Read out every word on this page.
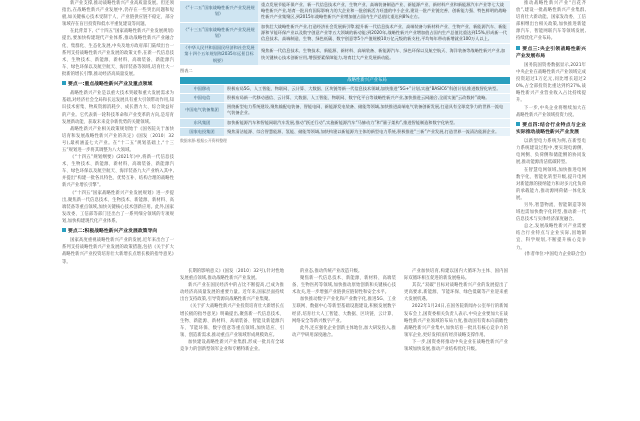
新产业支撑,推动战略性新兴产业高质量发展。但还须指出,在战略性新兴产业发展中,仍存在一些突出问题和短板,如关键核心技术受制于人、产业链供应链不稳定、部分领域存在盲目投资和低水平重复建设等问题。

在此背景下,《“十四五”国家战略性新兴产业发展规划》提出,要加快构建现代产业体系,推动战略性新兴产业融合化、集群化、生态化发展,中央及地方政府部门陆续出台一系列支持战略性新兴产业发展的政策文件,在新一代信息技术、生物技术、新能源、新材料、高端装备、新能源汽车、绿色环保以及航空航天、海洋装备等领域,培育壮大一批新的增长引擎,推动经济高质量发展。

要点一:重点战略性新兴产业及重点领域

战略性新兴产业是以重大技术突破和重大发展需求为基础,对经济社会全局和长远发展具有重大引领带动作用,知识技术密集、物质资源消耗少、成长潜力大、综合效益好的产业。它代表新一轮科技革命和产业变革的方向,是培育发展新动能、获取未来竞争新优势的关键领域。

战略性新兴产业相关政策规划始于《国务院关于加快培育和发展战略性新兴产业的决定》(国发〔2010〕32号),最初涵盖七大产业。在“十二五”规划基础上,“十三五”规划进一步将其调整为八大领域。

《“十四五”规划纲要》(2021年)中,将新一代信息技术、生物技术、新能源、新材料、高端装备、新能源汽车、绿色环保以及航空航天、海洋装备九大产业纳入其中,并提出“构建一批各具特色、优势互补、结构合理的战略性新兴产业增长引擎”。

《“十四五”国家战略性新兴产业发展规划》进一步提出,聚焦新一代信息技术、生物技术、新能源、新材料、高端装备等重点领域,加快关键核心技术创新应用。此外,国家发改委、工信部等部门还出台了一系列细分领域的专项规划,加快构建现代化产业体系。

要点二:积极战略性新兴产业发展政策导向

国家高度重视战略性新兴产业的发展,近年来出台了一系列支持战略性新兴产业发展的政策措施,包括《关于扩大战略性新兴产业投资培育壮大新增长点增长极的指导意见》等。

《“十二五”国家战略性新兴产业发展规划》	重点发展节能环保产业、新一代信息技术产业、生物产业、高端装备制造产业、新能源产业、新材料产业和新能源汽车产业等七大战略性新兴产业,培育一批具有国际影响力的大企业和一批创新活力旺盛的中小企业,建设一批产业链完善、创新能力强、特色鲜明的战略性新兴产业集聚区,到2015年战略性新兴产业增加值占国内生产总值比重达到8%左右。
《“十三五”国家战略性新兴产业发展规划》	加快壮大战略性新兴产业,打造经济社会发展新引擎;提升新一代信息技术产业、高端装备与新材料产业、生物产业、新能源汽车、新能源和节能环保产业以及数字创意产业等五大领域的新动能;到2020年,战略性新兴产业增加值占国内生产总值比重达到15%,形成新一代信息技术、高端制造、生物、绿色低碳、数字创意等5个产值规模10万亿元级的新支柱,平均每年带动新增就业100万人以上。
《中华人民共和国国民经济和社会发展第十四个五年规划和2035年远景目标纲要》	聚焦新一代信息技术、生物技术、新能源、新材料、高端装备、新能源汽车、绿色环保以及航空航天、海洋装备等战略性新兴产业,加快关键核心技术创新应用,增强要素保障能力,培育壮大产业发展新动能。
图表二
	战略性新兴产业布局
中国移动	积极布局5G、人工智能、物联网、云计算、大数据、区块链等新一代信息技术领域,加快推进“5G+”计划,实施“BASIC6”科创计划,推进数智化转型。
中国电信	积极布局新一代移动通信、云计算、大数据、人工智能、物联网、数字化平台等战略性新兴产业,加快推进云网融合,全面实施“云改数转”战略。
中国电气装备集团	围绕新型电力系统建设,聚焦输配电装备、智能电网、新能源发电装备、储能等领域,加快推进高端电气装备创新发展,打造具有全球竞争力的世界一流电气装备企业。
东风集团	加快新能源汽车和智能网联汽车发展,推动“跃迁行动”,实施新能源汽车“马赫动力”和“量子架构”,推进智能制造和数字化转型。
国家电投集团	聚焦清洁能源、综合智慧能源、氢能、储能等领域,加快构建以新能源为主体的新型电力系统,积极推进“三新”产业发展,打造世界一流清洁能源企业。
数据来源:根据公开资料整理

长期的影响意义》(国发〔2010〕32号),针对性地发展重点领域,推动战略性新兴产业发展。

新兴产业在国民经济中的占比不断提高,已成为推动经济高质量发展的重要力量。近年来,国家层面持续出台支持政策,引导资源向战略性新兴产业集聚。

《关于扩大战略性新兴产业投资培育壮大新增长点增长极的指导意见》明确提出,聚焦新一代信息技术、生物、新能源、新材料、高端装备、智能及新能源汽车、节能环保、数字创意等重点领域,加快适应、引领、创造新需求,推动重点产业领域形成规模效应。

加快建设战略性新兴产业集群,形成一批具有全球竞争力的创新型领军企业和专精特新企业。

的业态,推动传统产业改造升级。

聚焦新一代信息技术、新能源、新材料、高端装备、生物医药等领域,加快推动原始创新和关键核心技术攻关,进一步增强产业链供应链韧性和安全水平。

加快推动数字产业化和产业数字化,推进5G、工业互联网、数据中心等新型基础设施建设,积极发展数字经济,培育壮大人工智能、大数据、区块链、云计算、网络安全等新兴数字产业。

此外,还应强化企业创新主体地位,加大研发投入,推动产学研用深度融合。

产业加快培育,构建以国内大循环为主体、国内国际双循环相互促进的新发展格局。

其次,“双碳”目标对战略性新兴产业的发展提出了更高要求,新能源、节能环保、绿色低碳等产业迎来重大发展机遇。

2022年1月24日,在国务院新闻办公室举行的新闻发布会上,国资委相关负责人表示,中央企业要加大在战略性新兴产业领域的布局力度,推动国有资本向前瞻性战略性新兴产业集中,加快培育一批具有核心竞争力的领军企业,更好发挥国有经济战略支撑作用。

下一步,国资委将推动中央企业在战略性新兴产业领域加快发展,推动产业结构优化升级。

推动战略性新兴产业“百花齐放”,建设一批战略性新兴产业集群,培育壮大新动能。国家发改委、工信部相继出台相关政策,加快推进新能源汽车、智能网联汽车等领域发展,持续优化产业布局。

要点三:央企引领战略性新兴产业发展布局

国务院国资委数据显示,2021年中央企业在战略性新兴产业领域完成投资超过1万亿元,同比增长超过20%,占全部投资比重达到约27%,战略性新兴产业营业收入占比持续提升。

下一步,中央企业将继续加大在战略性新兴产业领域投资力度。

要点四:结合行业特点与企业实际推动战略性新兴产业发展

以新型电力系统为例,在新型电力系统建设过程中,要实现电源侧、电网侧、负荷侧和储能侧的协同发展,推动能源清洁低碳转型。

在智慧电网领域,加快推进电网数字化、智能化转型升级,提升电网对新能源的接纳能力和对多元化负荷的承载能力,推动源网荷储一体化发展。

另外,智慧物流、智能制造等领域也需加快数字化转型,推动新一代信息技术与实体经济深度融合。

总之,发展战略性新兴产业需要结合行业特点与企业实际,因地制宜、科学规划,不断提升核心竞争力。

(作者单位:中国电力企业联合会)
